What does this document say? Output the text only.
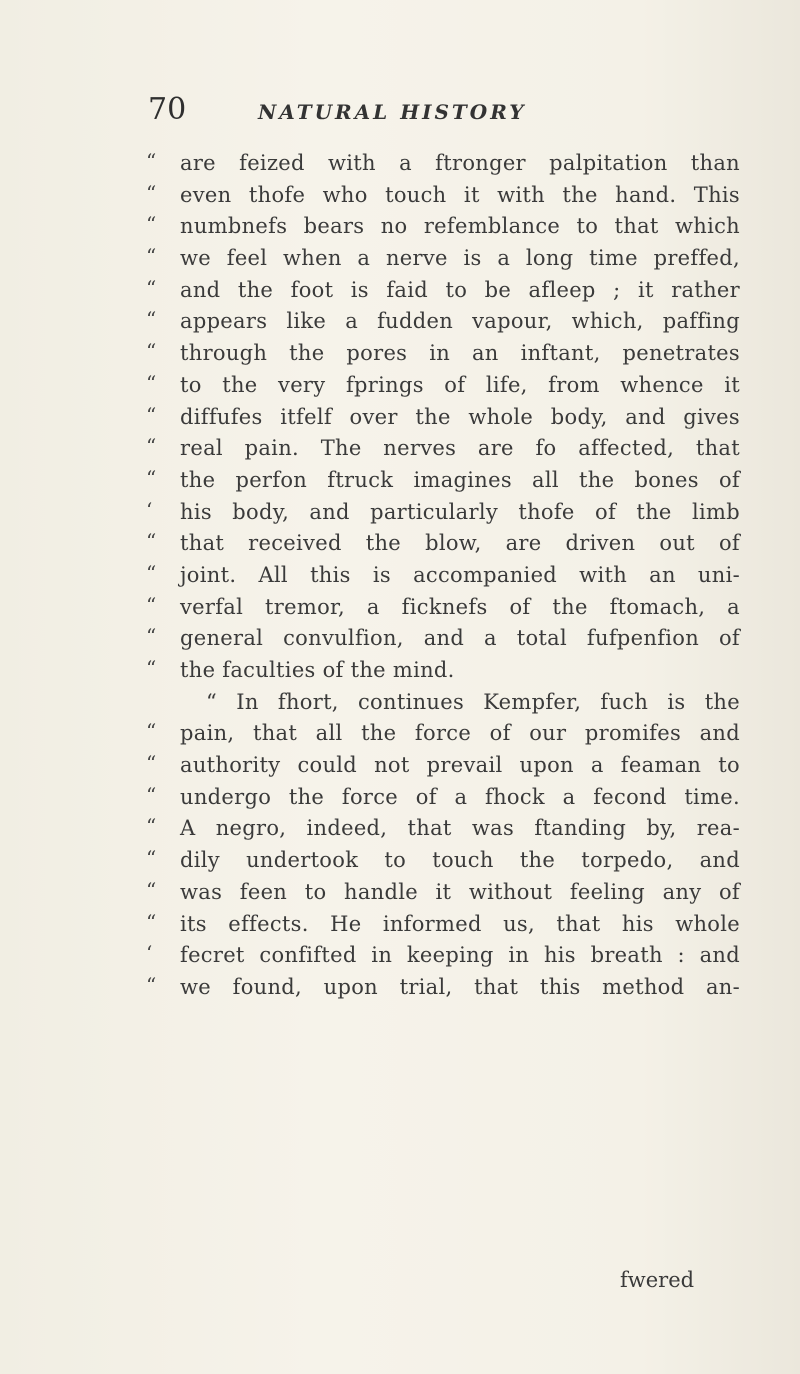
70	NATURAL HISTORY
“	are feized with a ftronger palpitation than
“	even thofe who touch it with the hand. This
“	numbnefs bears no refemblance to that which
“	we feel when a nerve is a long time preffed,
“	and the foot is faid to be afleep ; it rather
“	appears like a fudden vapour, which, paffing
“	through the pores in an inftant, penetrates
“	to the very fprings of life, from whence it
“	diffufes itfelf over the whole body, and gives
“	real pain. The nerves are fo affected, that
“	the perfon ftruck imagines all the bones of
‘	his body, and particularly thofe of the limb
“	that received the blow, are driven out of
“	joint. All this is accompanied with an uni-
“	verfal tremor, a ficknefs of the ftomach, a
“	general convulfion, and a total fufpenfion of
“	the faculties of the mind.
“ In fhort, continues Kempfer, fuch is the
“	pain, that all the force of our promifes and
“	authority could not prevail upon a feaman to
“	undergo the force of a fhock a fecond time.
“	A negro, indeed, that was ftanding by, rea-
“	dily undertook to touch the torpedo, and
“	was feen to handle it without feeling any of
“	its effects. He informed us, that his whole
‘	fecret confifted in keeping in his breath : and
“	we found, upon trial, that this method an-
fwered
